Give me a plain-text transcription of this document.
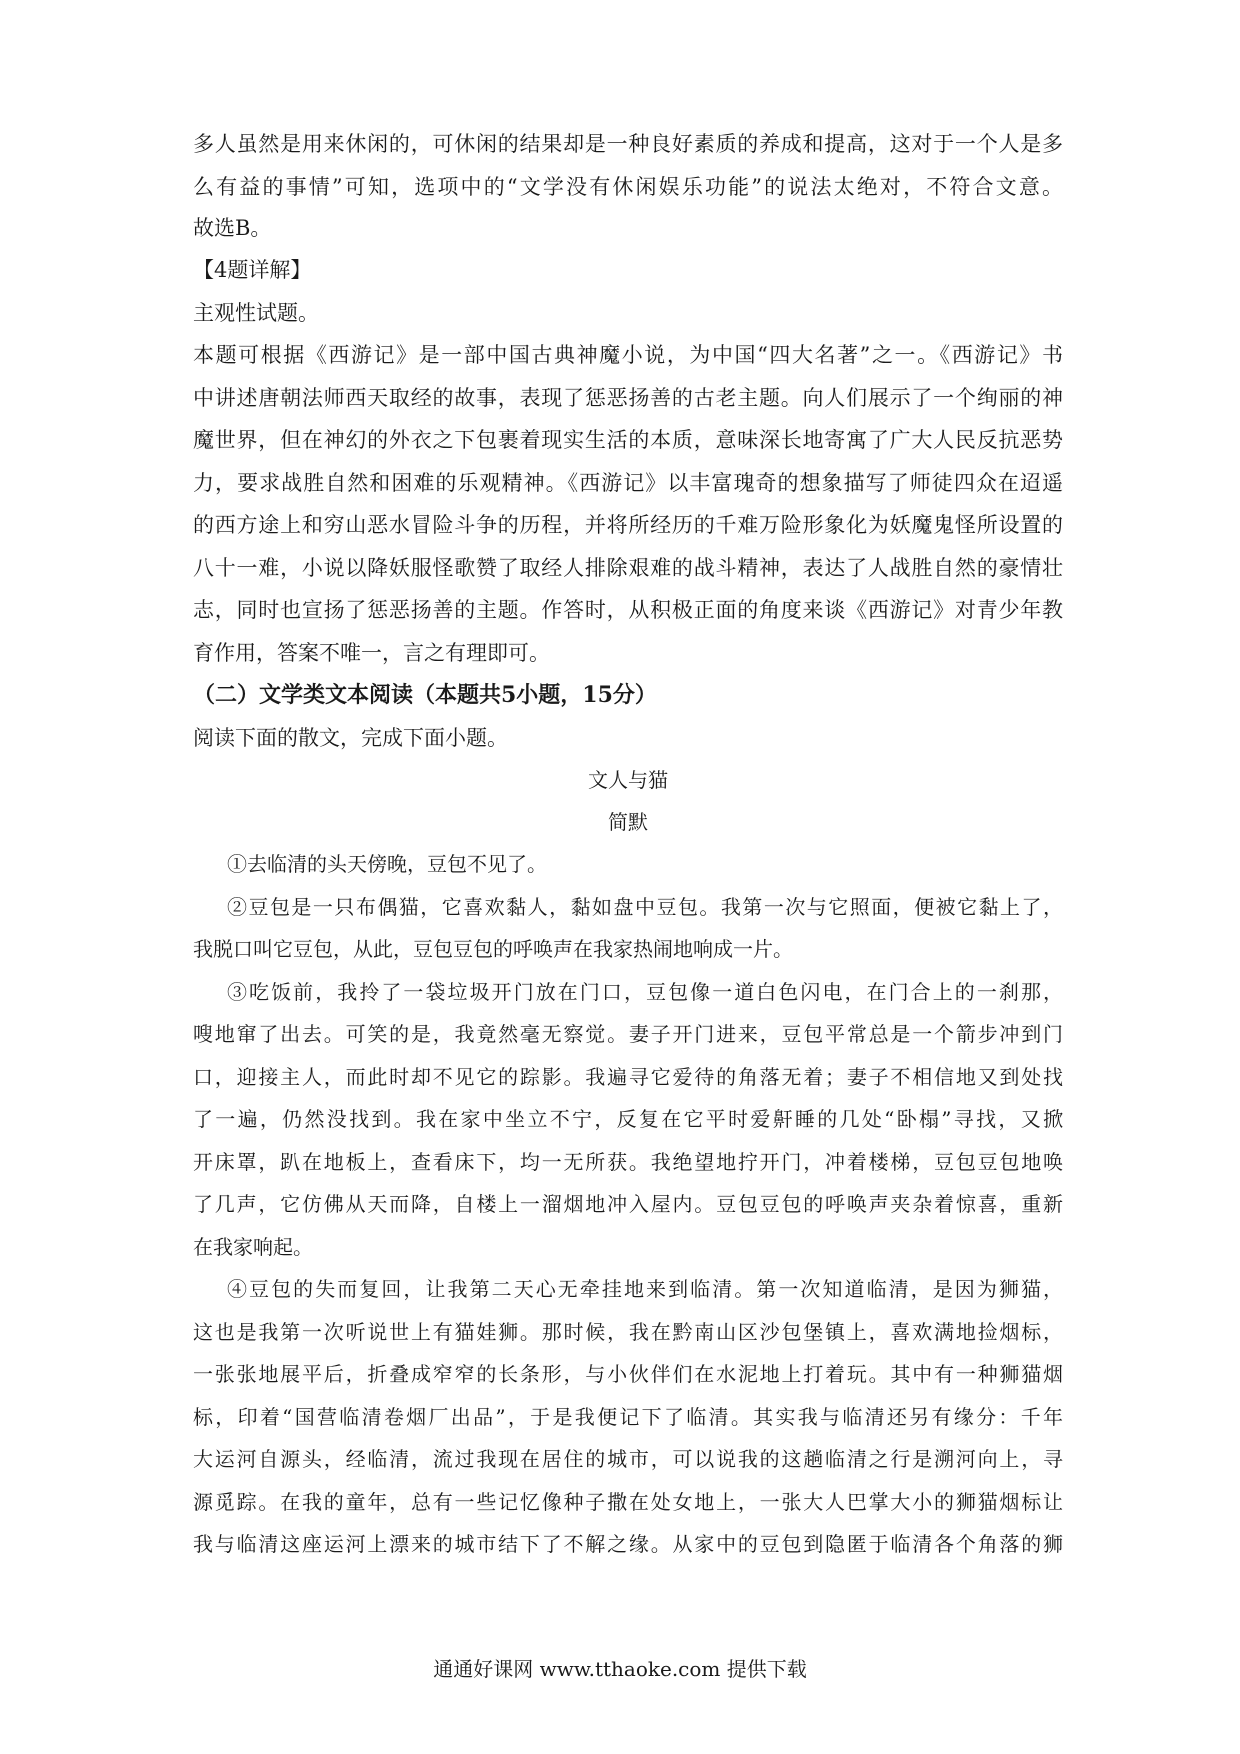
多人虽然是用来休闲的，可休闲的结果却是一种良好素质的养成和提高，这对于一个人是多
么有益的事情”可知，选项中的“文学没有休闲娱乐功能”的说法太绝对，不符合文意。
故选B。
【4题详解】
主观性试题。
本题可根据《西游记》是一部中国古典神魔小说，为中国“四大名著”之一。《西游记》书
中讲述唐朝法师西天取经的故事，表现了惩恶扬善的古老主题。向人们展示了一个绚丽的神
魔世界，但在神幻的外衣之下包裹着现实生活的本质，意味深长地寄寓了广大人民反抗恶势
力，要求战胜自然和困难的乐观精神。《西游记》以丰富瑰奇的想象描写了师徒四众在迢遥
的西方途上和穷山恶水冒险斗争的历程，并将所经历的千难万险形象化为妖魔鬼怪所设置的
八十一难，小说以降妖服怪歌赞了取经人排除艰难的战斗精神，表达了人战胜自然的豪情壮
志，同时也宣扬了惩恶扬善的主题。作答时，从积极正面的角度来谈《西游记》对青少年教
育作用，答案不唯一，言之有理即可。
（二）文学类文本阅读（本题共5小题，15分）
阅读下面的散文，完成下面小题。
文人与猫
简默
①去临清的头天傍晚，豆包不见了。
②豆包是一只布偶猫，它喜欢黏人，黏如盘中豆包。我第一次与它照面，便被它黏上了，
我脱口叫它豆包，从此，豆包豆包的呼唤声在我家热闹地响成一片。
③吃饭前，我拎了一袋垃圾开门放在门口，豆包像一道白色闪电，在门合上的一刹那，
嗖地窜了出去。可笑的是，我竟然毫无察觉。妻子开门进来，豆包平常总是一个箭步冲到门
口，迎接主人，而此时却不见它的踪影。我遍寻它爱待的角落无着；妻子不相信地又到处找
了一遍，仍然没找到。我在家中坐立不宁，反复在它平时爱鼾睡的几处“卧榻”寻找，又掀
开床罩，趴在地板上，查看床下，均一无所获。我绝望地拧开门，冲着楼梯，豆包豆包地唤
了几声，它仿佛从天而降，自楼上一溜烟地冲入屋内。豆包豆包的呼唤声夹杂着惊喜，重新
在我家响起。
④豆包的失而复回，让我第二天心无牵挂地来到临清。第一次知道临清，是因为狮猫，
这也是我第一次听说世上有猫娃狮。那时候，我在黔南山区沙包堡镇上，喜欢满地捡烟标，
一张张地展平后，折叠成窄窄的长条形，与小伙伴们在水泥地上打着玩。其中有一种狮猫烟
标，印着“国营临清卷烟厂出品”，于是我便记下了临清。其实我与临清还另有缘分：千年
大运河自源头，经临清，流过我现在居住的城市，可以说我的这趟临清之行是溯河向上，寻
源觅踪。在我的童年，总有一些记忆像种子撒在处女地上，一张大人巴掌大小的狮猫烟标让
我与临清这座运河上漂来的城市结下了不解之缘。从家中的豆包到隐匿于临清各个角落的狮
通通好课网 www.tthaoke.com 提供下载
